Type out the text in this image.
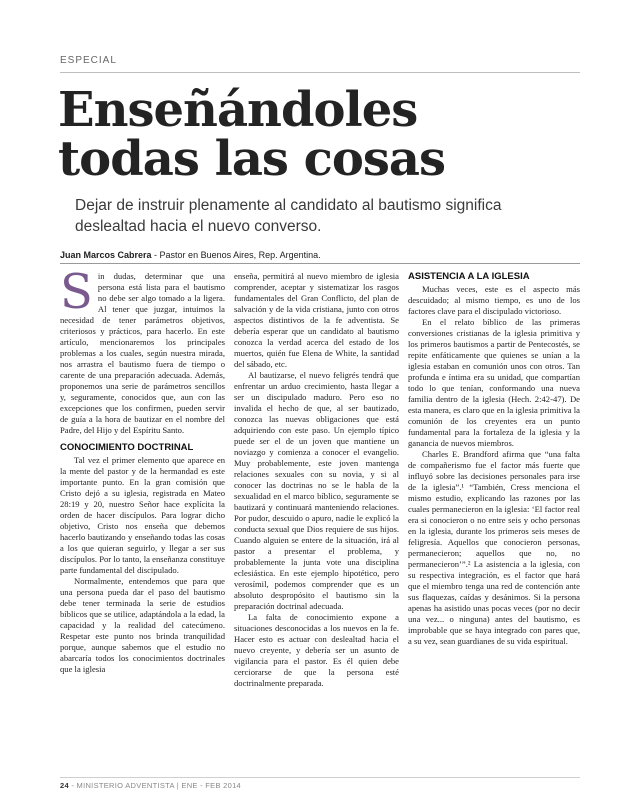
ESPECIAL
Enseñándoles
todas las cosas

Dejar de instruir plenamente al candidato al bautismo significa deslealtad hacia el nuevo converso.

Juan Marcos Cabrera - Pastor en Buenos Aires, Rep. Argentina.

Sin dudas, determinar que una persona está lista para el bautismo no debe ser algo tomado a la ligera. Al tener que juzgar, intuimos la necesidad de tener parámetros objetivos, criteriosos y prácticos, para hacerlo. En este artículo, mencionaremos los principales problemas a los cuales, según nuestra mirada, nos arrastra el bautismo fuera de tiempo o carente de una preparación adecuada. Además, proponemos una serie de parámetros sencillos y, seguramente, conocidos que, aun con las excepciones que los confirmen, pueden servir de guía a la hora de bautizar en el nombre del Padre, del Hijo y del Espíritu Santo.

CONOCIMIENTO DOCTRINAL

Tal vez el primer elemento que aparece en la mente del pastor y de la hermandad es este importante punto. En la gran comisión que Cristo dejó a su iglesia, registrada en Mateo 28:19 y 20, nuestro Señor hace explícita la orden de hacer discípulos. Para lograr dicho objetivo, Cristo nos enseña que debemos hacerlo bautizando y enseñando todas las cosas a los que quieran seguirlo, y llegar a ser sus discípulos. Por lo tanto, la enseñanza constituye parte fundamental del discipulado.

Normalmente, entendemos que para que una persona pueda dar el paso del bautismo debe tener terminada la serie de estudios bíblicos que se utilice, adaptándola a la edad, la capacidad y la realidad del catecúmeno. Respetar este punto nos brinda tranquilidad porque, aunque sabemos que el estudio no abarcaría todos los conocimientos doctrinales que la iglesia

enseña, permitirá al nuevo miembro de iglesia comprender, aceptar y sistematizar los rasgos fundamentales del Gran Conflicto, del plan de salvación y de la vida cristiana, junto con otros aspectos distintivos de la fe adventista. Se debería esperar que un candidato al bautismo conozca la verdad acerca del estado de los muertos, quién fue Elena de White, la santidad del sábado, etc.

Al bautizarse, el nuevo feligrés tendrá que enfrentar un arduo crecimiento, hasta llegar a ser un discipulado maduro. Pero eso no invalida el hecho de que, al ser bautizado, conozca las nuevas obligaciones que está adquiriendo con este paso. Un ejemplo típico puede ser el de un joven que mantiene un noviazgo y comienza a conocer el evangelio. Muy probablemente, este joven mantenga relaciones sexuales con su novia, y si al conocer las doctrinas no se le habla de la sexualidad en el marco bíblico, seguramente se bautizará y continuará manteniendo relaciones. Por pudor, descuido o apuro, nadie le explicó la conducta sexual que Dios requiere de sus hijos. Cuando alguien se entere de la situación, irá al pastor a presentar el problema, y probablemente la junta vote una disciplina eclesiástica. En este ejemplo hipotético, pero verosímil, podemos comprender que es un absoluto despropósito el bautismo sin la preparación doctrinal adecuada.

La falta de conocimiento expone a situaciones desconocidas a los nuevos en la fe. Hacer esto es actuar con deslealtad hacia el nuevo creyente, y debería ser un asunto de vigilancia para el pastor. Es él quien debe cerciorarse de que la persona esté doctrinalmente preparada.

ASISTENCIA A LA IGLESIA

Muchas veces, este es el aspecto más descuidado; al mismo tiempo, es uno de los factores clave para el discipulado victorioso.

En el relato bíblico de las primeras conversiones cristianas de la iglesia primitiva y los primeros bautismos a partir de Pentecostés, se repite enfáticamente que quienes se unían a la iglesia estaban en comunión unos con otros. Tan profunda e íntima era su unidad, que compartían todo lo que tenían, conformando una nueva familia dentro de la iglesia (Hech. 2:42-47). De esta manera, es claro que en la iglesia primitiva la comunión de los creyentes era un punto fundamental para la fortaleza de la iglesia y la ganancia de nuevos miembros.

Charles E. Brandford afirma que “una falta de compañerismo fue el factor más fuerte que influyó sobre las decisiones personales para irse de la iglesia”.¹ “También, Cress menciona el mismo estudio, explicando las razones por las cuales permanecieron en la iglesia: ‘El factor real era si conocieron o no entre seis y ocho personas en la iglesia, durante los primeros seis meses de feligresía. Aquellos que conocieron personas, permanecieron; aquellos que no, no permanecieron’”.² La asistencia a la iglesia, con su respectiva integración, es el factor que hará que el miembro tenga una red de contención ante sus flaquezas, caídas y desánimos. Si la persona apenas ha asistido unas pocas veces (por no decir una vez... o ninguna) antes del bautismo, es improbable que se haya integrado con pares que, a su vez, sean guardianes de su vida espiritual.

24 - MINISTERIO ADVENTISTA | ENE - FEB 2014
